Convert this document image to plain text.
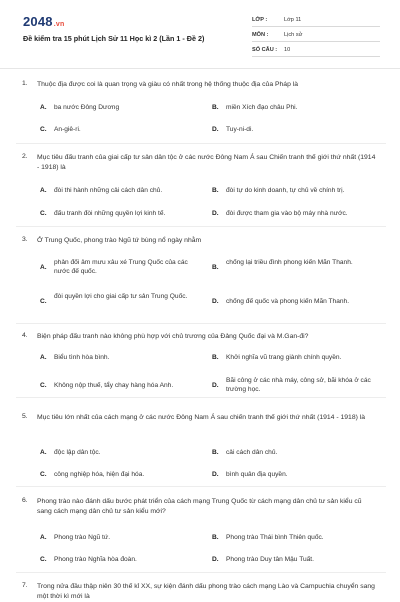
2048.vn
Đề kiểm tra 15 phút Lịch Sử 11 Học kì 2 (Lần 1 - Đề 2)
LỚP :	Lớp 11
MÔN :	Lịch sử
SỐ CÂU : 10
1. Thuộc địa được coi là quan trọng và giàu có nhất trong hệ thống thuộc địa của Pháp là
A. ba nước Đông Dương	B. miền Xích đạo châu Phi.
C. An-giê-ri.	D. Tuy-ni-di.
2. Mục tiêu đấu tranh của giai cấp tư sản dân tộc ở các nước Đông Nam Á sau Chiến tranh thế giới thứ nhất (1914 - 1918) là
A. đòi thi hành những cải cách dân chủ.	B. đòi tự do kinh doanh, tự chủ về chính trị.
C. đấu tranh đòi những quyền lợi kinh tế.	D. đòi được tham gia vào bộ máy nhà nước.
3. Ở Trung Quốc, phong trào Ngũ tứ bùng nổ ngày nhằm
A.
phản đối âm mưu xâu xé Trung Quốc của các nước đế quốc.
B.
chống lại triều đình phong kiến Mãn Thanh.
C.
đòi quyền lợi cho giai cấp tư sản Trung Quốc.
D. chống đế quốc và phong kiến Mãn Thanh.
4. Biện pháp đấu tranh nào không phù hợp với chủ trương của Đảng Quốc đại và M.Gan-đi?
A. Biểu tình hòa bình.	B. Khởi nghĩa vũ trang giành chính quyền.
C. Không nộp thuế, tẩy chay hàng hóa Anh.	D.
Bãi công ở các nhà máy, công sở, bãi khóa ở các trường học.
5. Mục tiêu lớn nhất của cách mạng ở các nước Đông Nam Á sau chiến tranh thế giới thứ nhất (1914 - 1918) là
A. độc lập dân tộc.	B. cải cách dân chủ.
C. công nghiệp hóa, hiện đại hóa.	D. bình quân địa quyền.
6. Phong trào nào đánh dấu bước phát triển của cách mạng Trung Quốc từ cách mạng dân chủ tư sản kiểu cũ sang cách mạng dân chủ tư sản kiểu mới?
A. Phong trào Ngũ tứ.	B. Phong trào Thái bình Thiên quốc.
C. Phong trào Nghĩa hòa đoàn.	D. Phong trào Duy tân Mậu Tuất.
7. Trong nửa đầu thập niên 30 thế kỉ XX, sự kiện đánh dấu phong trào cách mạng Lào và Campuchia chuyển sang một thời kì mới là
